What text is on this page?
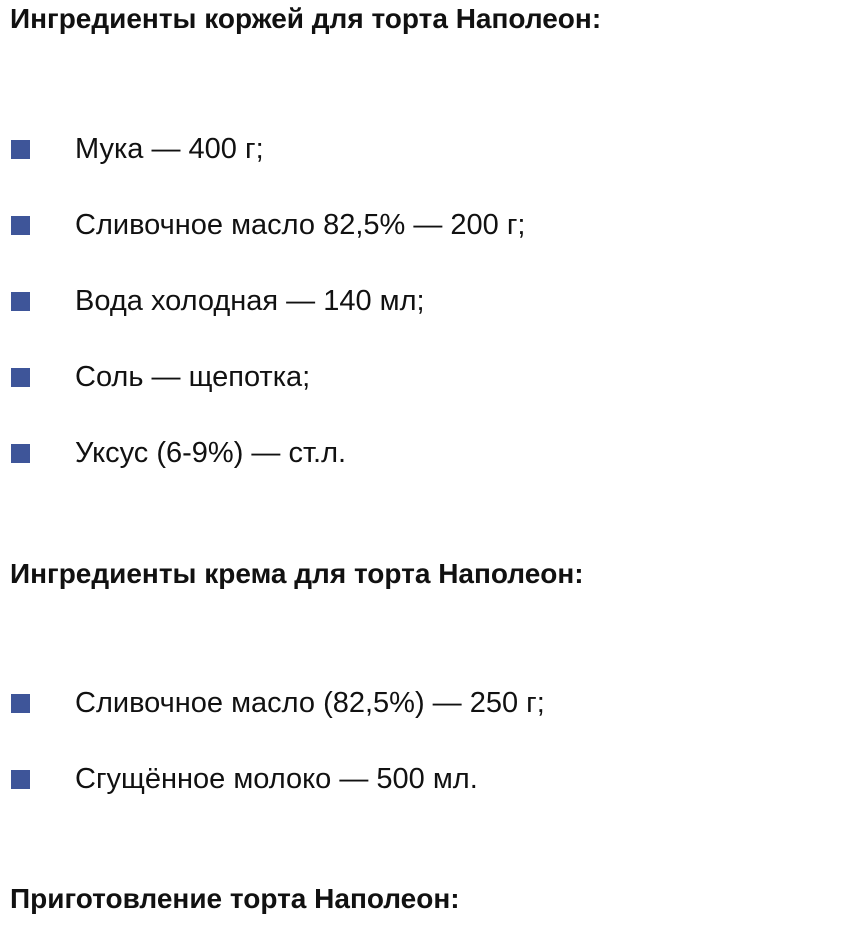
Ингредиенты коржей для торта Наполеон:
Мука — 400 г;
Сливочное масло 82,5% — 200 г;
Вода холодная — 140 мл;
Соль — щепотка;
Уксус (6-9%) — ст.л.
Ингредиенты крема для торта Наполеон:
Сливочное масло (82,5%) — 250 г;
Сгущённое молоко — 500 мл.
Приготовление торта Наполеон:
